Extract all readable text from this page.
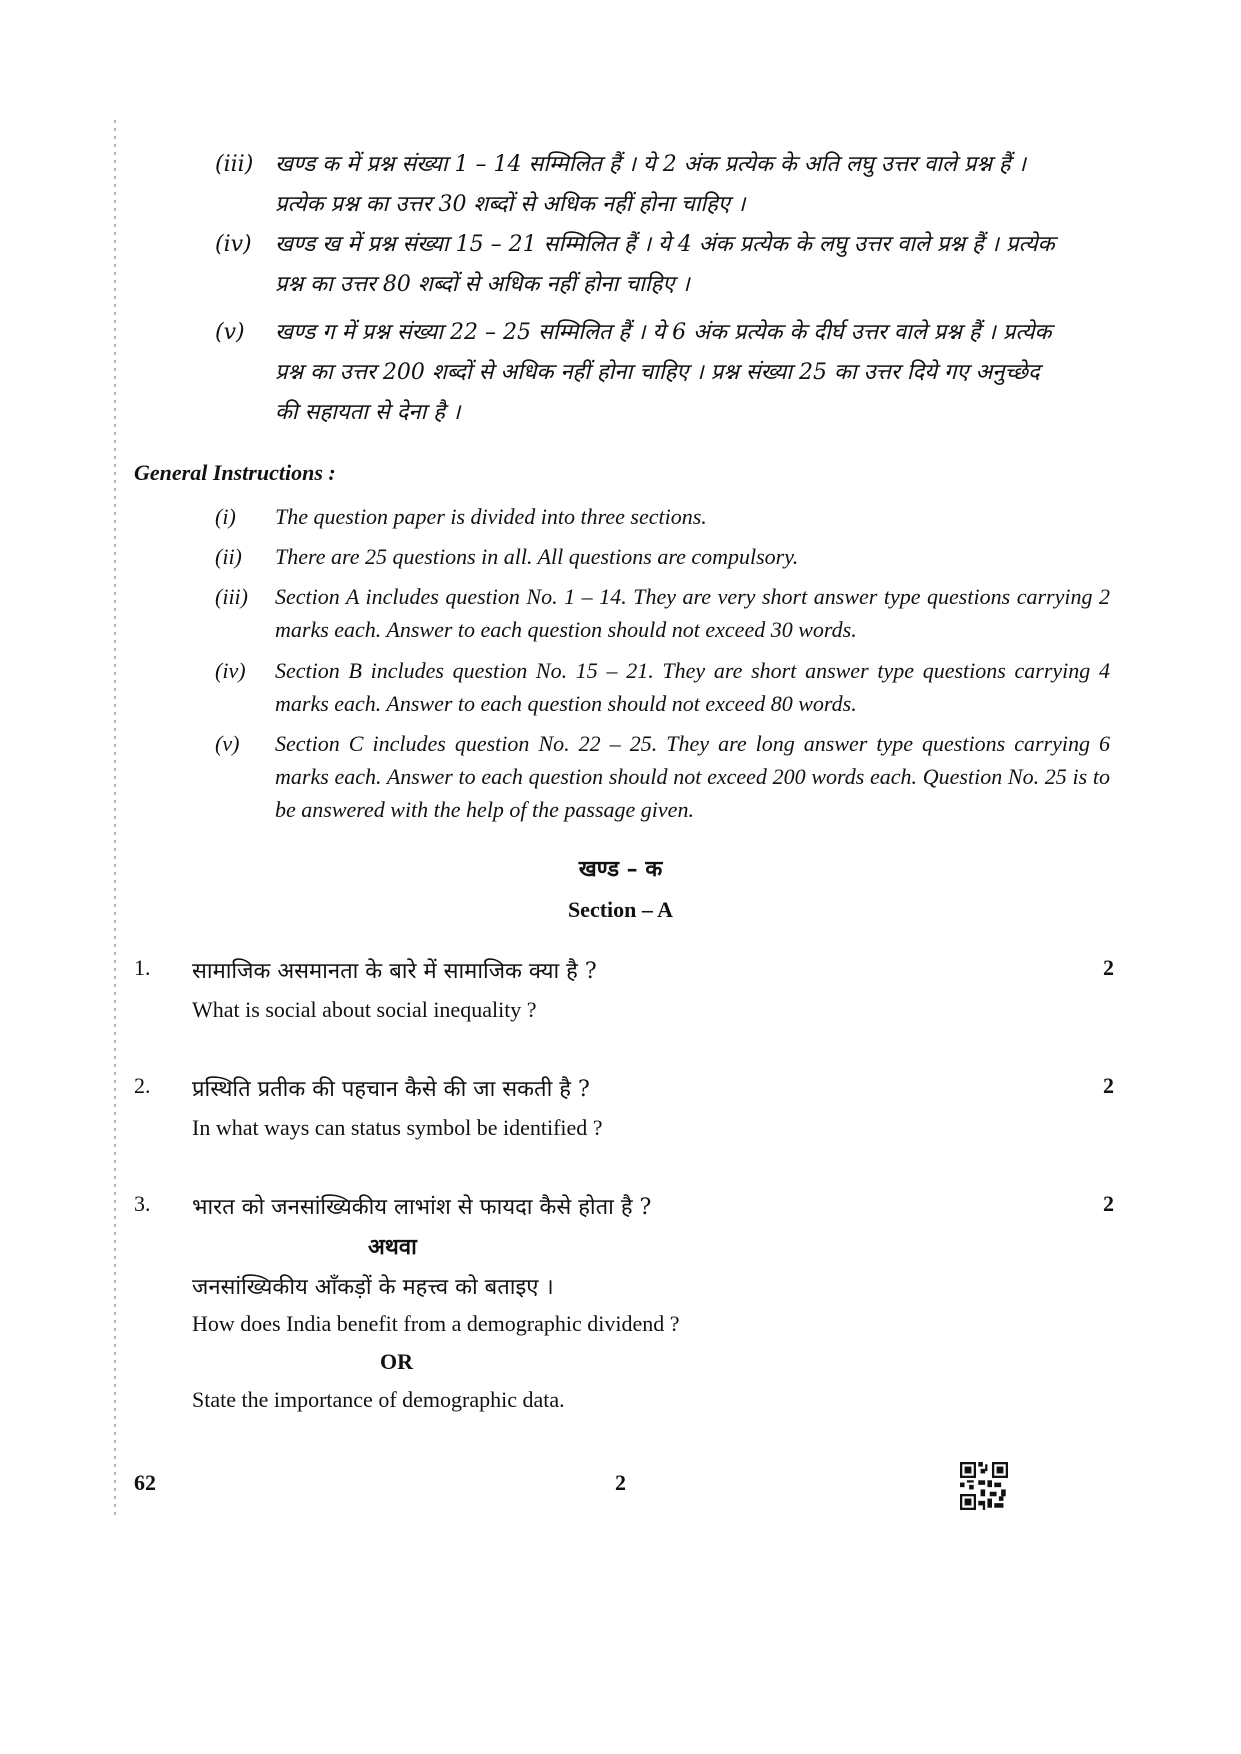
(iii) खण्ड क में प्रश्न संख्या 1 – 14 सम्मिलित हैं । ये 2 अंक प्रत्येक के अति लघु उत्तर वाले प्रश्न हैं ।
प्रत्येक प्रश्न का उत्तर 30 शब्दों से अधिक नहीं होना चाहिए ।
(iv)	खण्ड ख में प्रश्न संख्या 15 – 21 सम्मिलित हैं । ये 4 अंक प्रत्येक के लघु उत्तर वाले प्रश्न हैं । प्रत्येक
प्रश्न का उत्तर 80 शब्दों से अधिक नहीं होना चाहिए ।
(v)	खण्ड ग में प्रश्न संख्या 22 – 25 सम्मिलित हैं । ये 6 अंक प्रत्येक के दीर्घ उत्तर वाले प्रश्न हैं । प्रत्येक
प्रश्न का उत्तर 200 शब्दों से अधिक नहीं होना चाहिए । प्रश्न संख्या 25 का उत्तर दिये गए अनुच्छेद
की सहायता से देना है ।
General Instructions :
(i)	The question paper is divided into three sections.
(ii)	There are 25 questions in all. All questions are compulsory.
(iii)	Section A includes question No. 1 – 14. They are very short answer type questions carrying 2 marks each. Answer to each question should not exceed 30 words.
(iv)	Section B includes question No. 15 – 21. They are short answer type questions carrying 4 marks each. Answer to each question should not exceed 80 words.
(v)	Section C includes question No. 22 – 25. They are long answer type questions carrying 6 marks each. Answer to each question should not exceed 200 words each. Question No. 25 is to be answered with the help of the passage given.
खण्ड – क
Section – A
1. सामाजिक असमानता के बारे में सामाजिक क्या है ?	2
What is social about social inequality ?
2. प्रस्थिति प्रतीक की पहचान कैसे की जा सकती है ?	2
In what ways can status symbol be identified ?
3. भारत को जनसांख्यिकीय लाभांश से फायदा कैसे होता है ?	2
अथवा
जनसांख्यिकीय आँकड़ों के महत्त्व को बताइए ।
How does India benefit from a demographic dividend ?
OR
State the importance of demographic data.
62	2
